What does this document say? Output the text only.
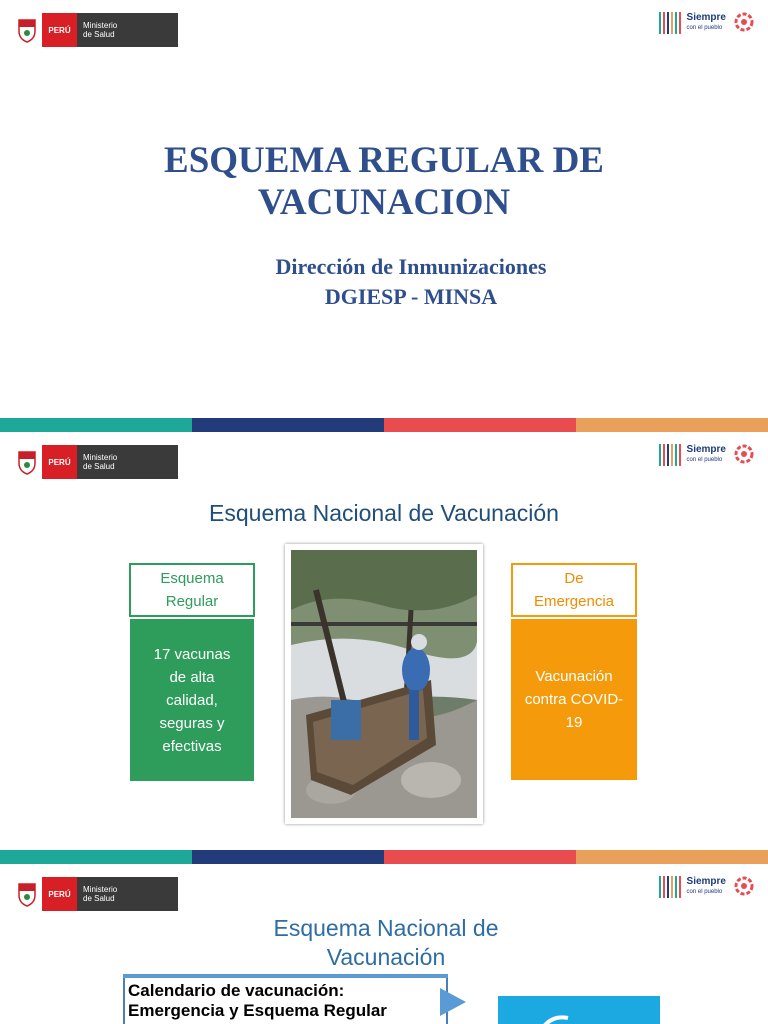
PERÚ	Ministerio
de Salud
Siempre
con el pueblo
ESQUEMA REGULAR DE
VACUNACION
Dirección de Inmunizaciones
DGIESP - MINSA
PERÚ	Ministerio
de Salud
Siempre
con el pueblo
Esquema Nacional de Vacunación
Esquema
Regular
17 vacunas
de alta
calidad,
seguras y
efectivas
De
Emergencia
Vacunación
contra COVID-
19
PERÚ	Ministerio
de Salud
Siempre
con el pueblo
Esquema Nacional de
Vacunación
Calendario de vacunación:
Emergencia y Esquema Regular
